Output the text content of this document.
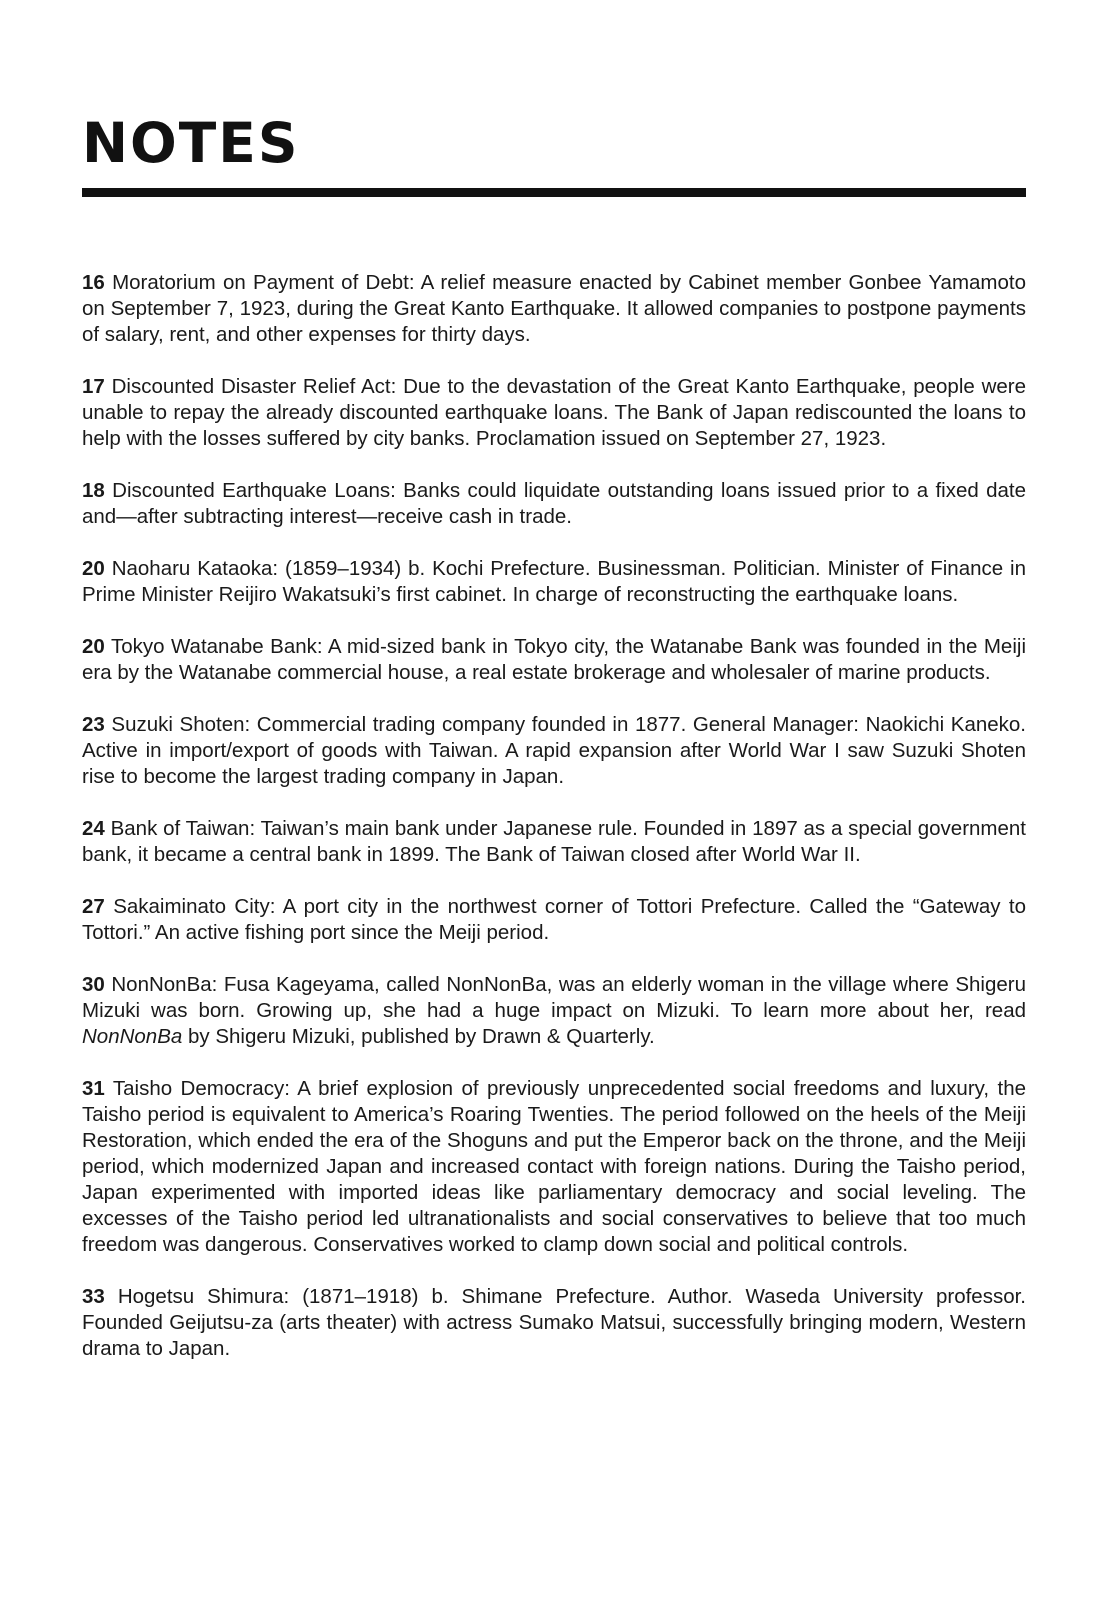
NOTES

16 Moratorium on Payment of Debt: A relief measure enacted by Cabinet member Gonbee Yamamoto on September 7, 1923, during the Great Kanto Earthquake. It allowed companies to postpone payments of salary, rent, and other expenses for thirty days.

17 Discounted Disaster Relief Act: Due to the devastation of the Great Kanto Earthquake, people were unable to repay the already discounted earthquake loans. The Bank of Japan rediscounted the loans to help with the losses suffered by city banks. Proclamation issued on September 27, 1923.

18 Discounted Earthquake Loans: Banks could liquidate outstanding loans issued prior to a fixed date and—after subtracting interest—receive cash in trade.

20 Naoharu Kataoka: (1859–1934) b. Kochi Prefecture. Businessman. Politician. Minister of Finance in Prime Minister Reijiro Wakatsuki’s first cabinet. In charge of reconstructing the earthquake loans.

20 Tokyo Watanabe Bank: A mid-sized bank in Tokyo city, the Watanabe Bank was founded in the Meiji era by the Watanabe commercial house, a real estate brokerage and wholesaler of marine products.

23 Suzuki Shoten: Commercial trading company founded in 1877. General Manager: Naokichi Kaneko. Active in import/export of goods with Taiwan. A rapid expansion after World War I saw Suzuki Shoten rise to become the largest trading company in Japan.

24 Bank of Taiwan: Taiwan’s main bank under Japanese rule. Founded in 1897 as a special government bank, it became a central bank in 1899. The Bank of Taiwan closed after World War II.

27 Sakaiminato City: A port city in the northwest corner of Tottori Prefecture. Called the “Gateway to Tottori.” An active fishing port since the Meiji period.

30 NonNonBa: Fusa Kageyama, called NonNonBa, was an elderly woman in the village where Shigeru Mizuki was born. Growing up, she had a huge impact on Mizuki. To learn more about her, read NonNonBa by Shigeru Mizuki, published by Drawn & Quarterly.

31 Taisho Democracy: A brief explosion of previously unprecedented social freedoms and luxury, the Taisho period is equivalent to America’s Roaring Twenties. The period followed on the heels of the Meiji Restoration, which ended the era of the Shoguns and put the Emperor back on the throne, and the Meiji period, which modernized Japan and increased contact with foreign nations. During the Taisho period, Japan experimented with imported ideas like parliamentary democracy and social leveling. The excesses of the Taisho period led ultranationalists and social conservatives to believe that too much freedom was dangerous. Conservatives worked to clamp down social and political controls.

33 Hogetsu Shimura: (1871–1918) b. Shimane Prefecture. Author. Waseda University professor. Founded Geijutsu-za (arts theater) with actress Sumako Matsui, successfully bringing modern, Western drama to Japan.
